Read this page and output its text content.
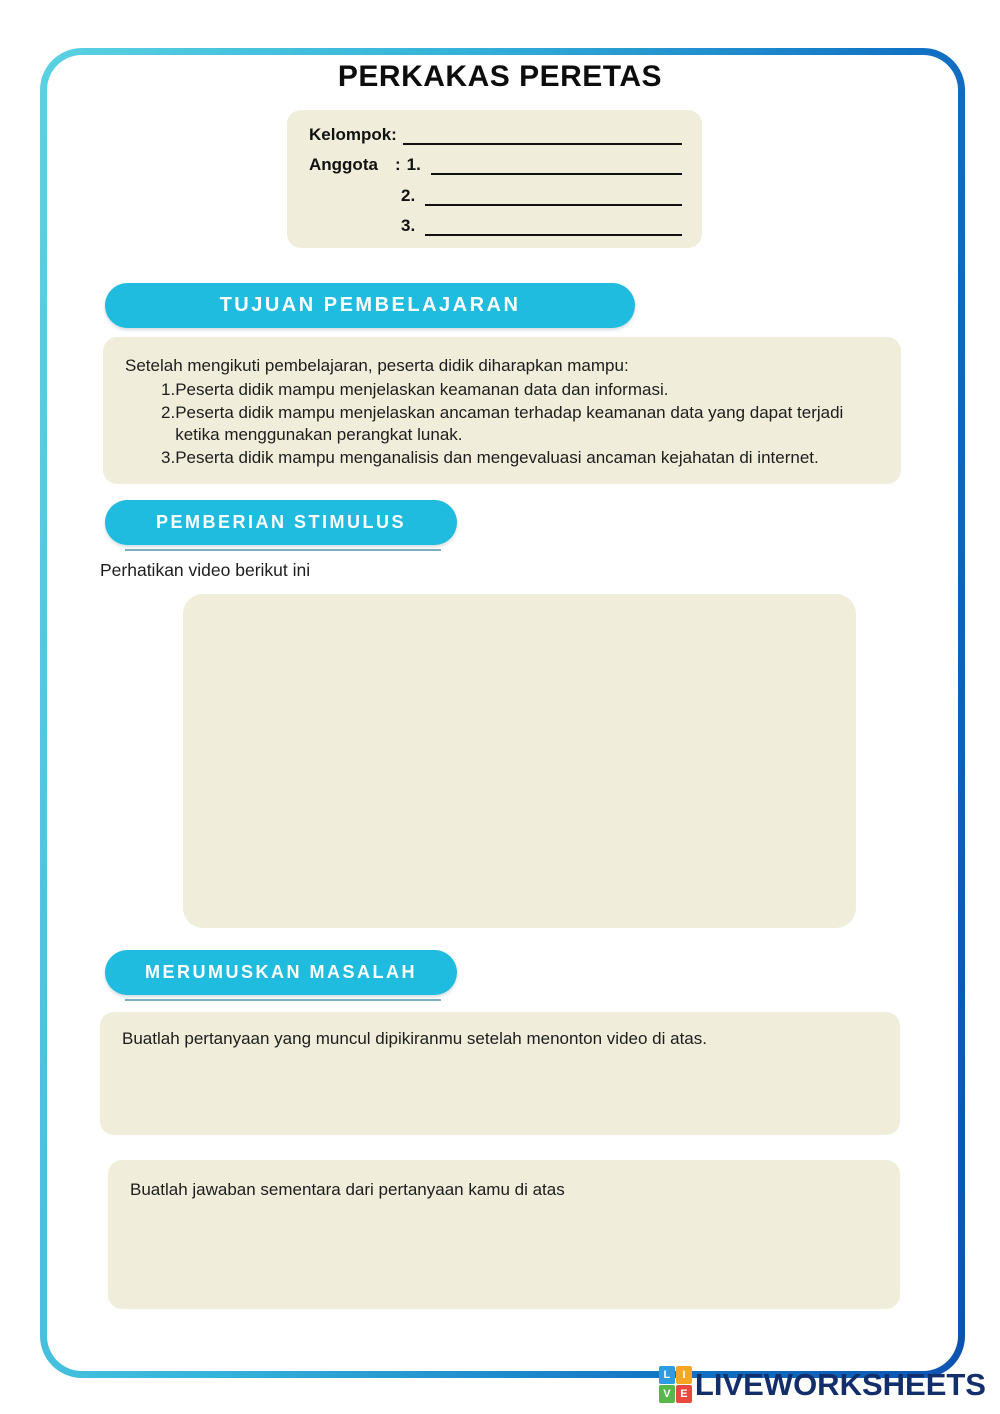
PERKAKAS PERETAS
Kelompok:
Anggota	: 1.
2.
3.
TUJUAN PEMBELAJARAN
Setelah mengikuti pembelajaran, peserta didik diharapkan mampu:
1. Peserta didik mampu menjelaskan keamanan data dan informasi.
2. Peserta didik mampu menjelaskan ancaman terhadap keamanan data yang dapat terjadi ketika menggunakan perangkat lunak.
3. Peserta didik mampu menganalisis dan mengevaluasi ancaman kejahatan di internet.
PEMBERIAN STIMULUS
Perhatikan video berikut ini
MERUMUSKAN MASALAH
Buatlah pertanyaan yang muncul dipikiranmu setelah menonton video di atas.
Buatlah jawaban sementara dari pertanyaan kamu di atas
L	I
V E LIVEWORKSHEETS
